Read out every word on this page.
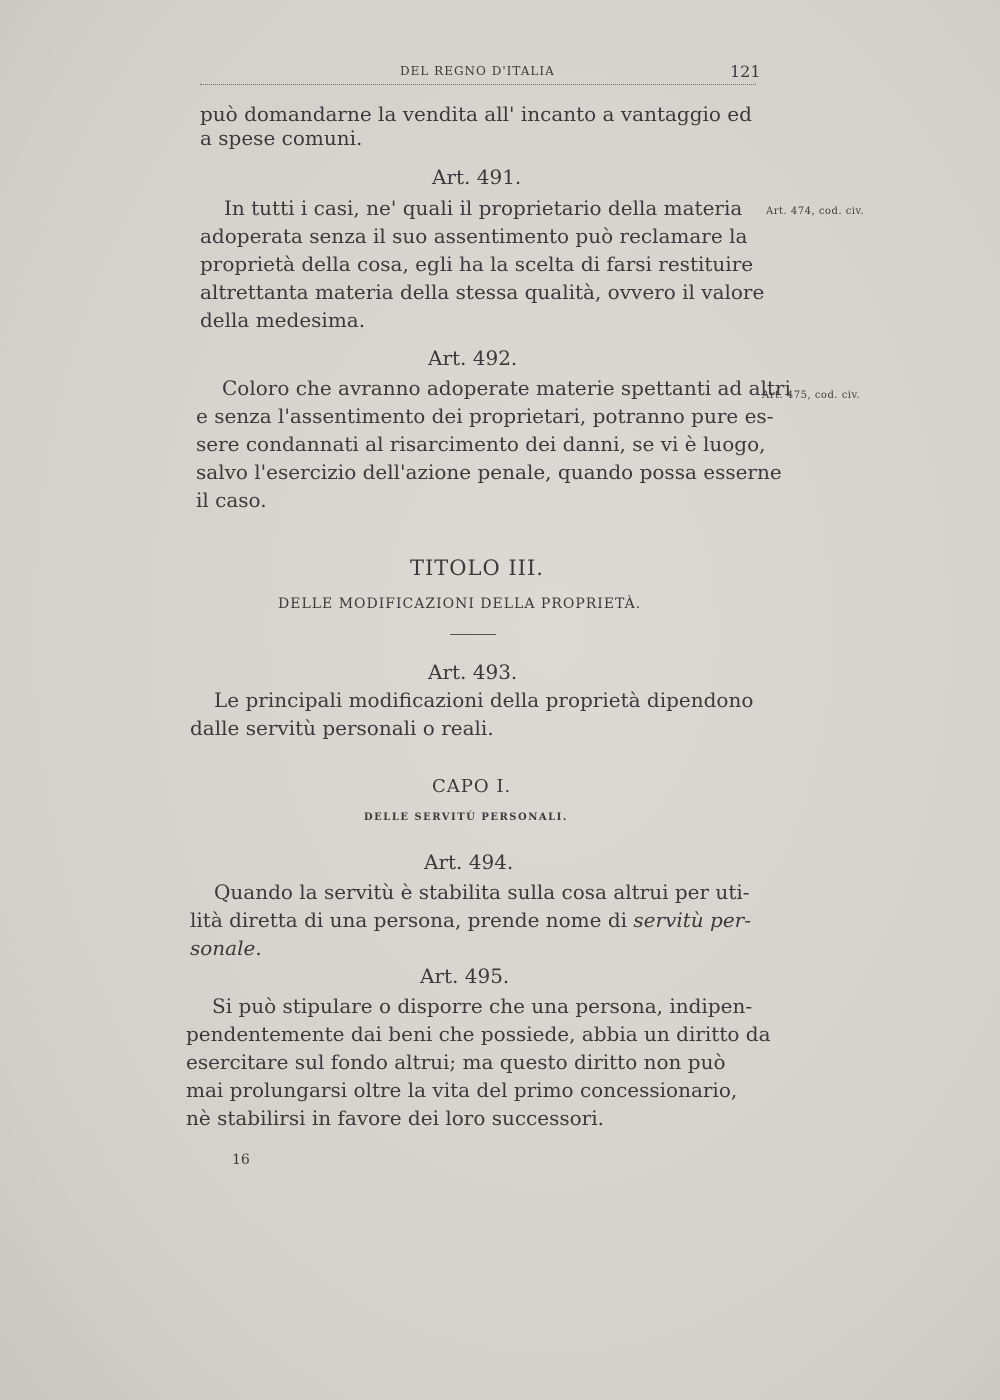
DEL REGNO D'ITALIA	121
può domandarne la vendita all' incanto a vantaggio ed
a spese comuni.
Art. 491.
In tutti i casi, ne' quali il proprietario della materia Art. 474, cod. civ.
adoperata senza il suo assentimento può reclamare la
proprietà della cosa, egli ha la scelta di farsi restituire
altrettanta materia della stessa qualità, ovvero il valore
della medesima.
Art. 492.
Coloro che avranno adoperate materie spettanti ad altri
Art. 475, cod. civ.
e senza l'assentimento dei proprietari, potranno pure es-
sere condannati al risarcimento dei danni, se vi è luogo,
salvo l'esercizio dell'azione penale, quando possa esserne
il caso.
TITOLO III.
DELLE MODIFICAZIONI DELLA PROPRIETÀ.
Art. 493.
Le principali modificazioni della proprietà dipendono
dalle servitù personali o reali.
CAPO I.
DELLE SERVITÙ PERSONALI.
Art. 494.
Quando la servitù è stabilita sulla cosa altrui per uti-
lità diretta di una persona, prende nome di servitù per-
sonale.
Art. 495.
Si può stipulare o disporre che una persona, indipen-
pendentemente dai beni che possiede, abbia un diritto da
esercitare sul fondo altrui; ma questo diritto non può
mai prolungarsi oltre la vita del primo concessionario,
nè stabilirsi in favore dei loro successori.
16
